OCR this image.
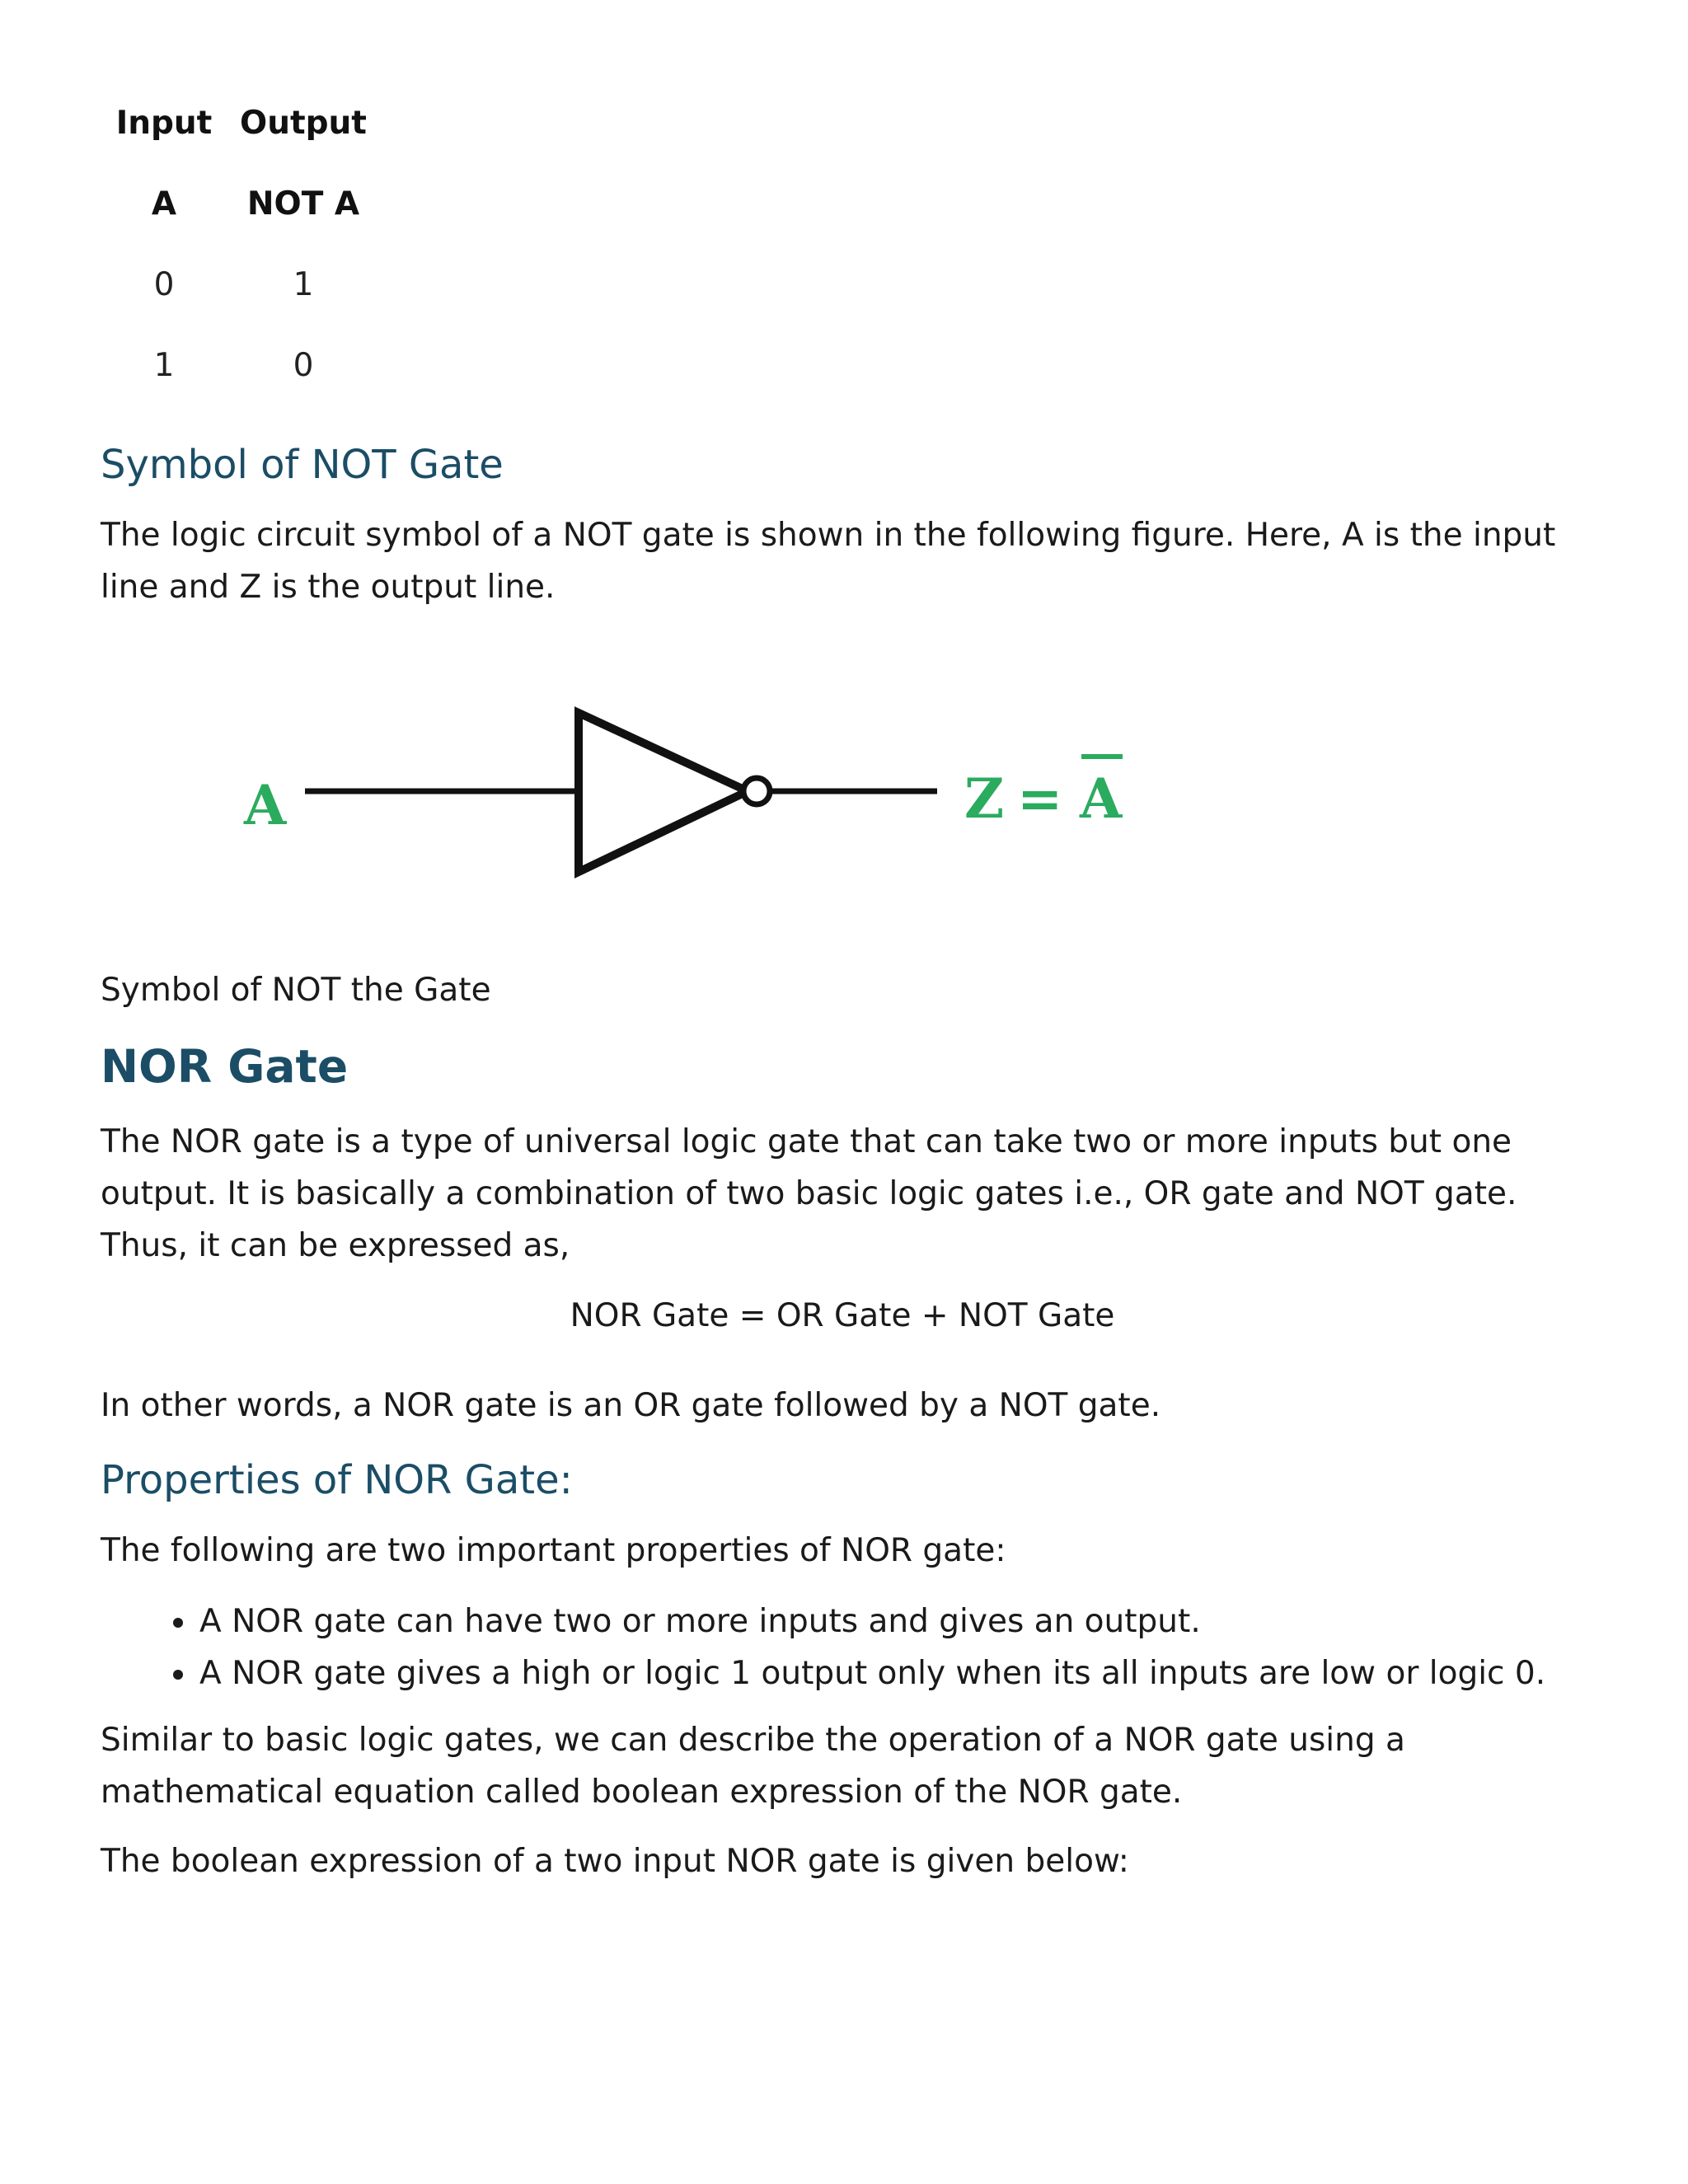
Input	Output
A	NOT A
0	1
1	0
Symbol of NOT Gate

The logic circuit symbol of a NOT gate is shown in the following figure. Here, A is the input line and Z is the output line.

A	Z = A

Symbol of NOT the Gate

NOR Gate

The NOR gate is a type of universal logic gate that can take two or more inputs but one output. It is basically a combination of two basic logic gates i.e., OR gate and NOT gate. Thus, it can be expressed as,

NOR Gate = OR Gate + NOT Gate

In other words, a NOR gate is an OR gate followed by a NOT gate.

Properties of NOR Gate:

The following are two important properties of NOR gate:

• A NOR gate can have two or more inputs and gives an output.
• A NOR gate gives a high or logic 1 output only when its all inputs are low or logic 0.

Similar to basic logic gates, we can describe the operation of a NOR gate using a mathematical equation called boolean expression of the NOR gate.

The boolean expression of a two input NOR gate is given below:
